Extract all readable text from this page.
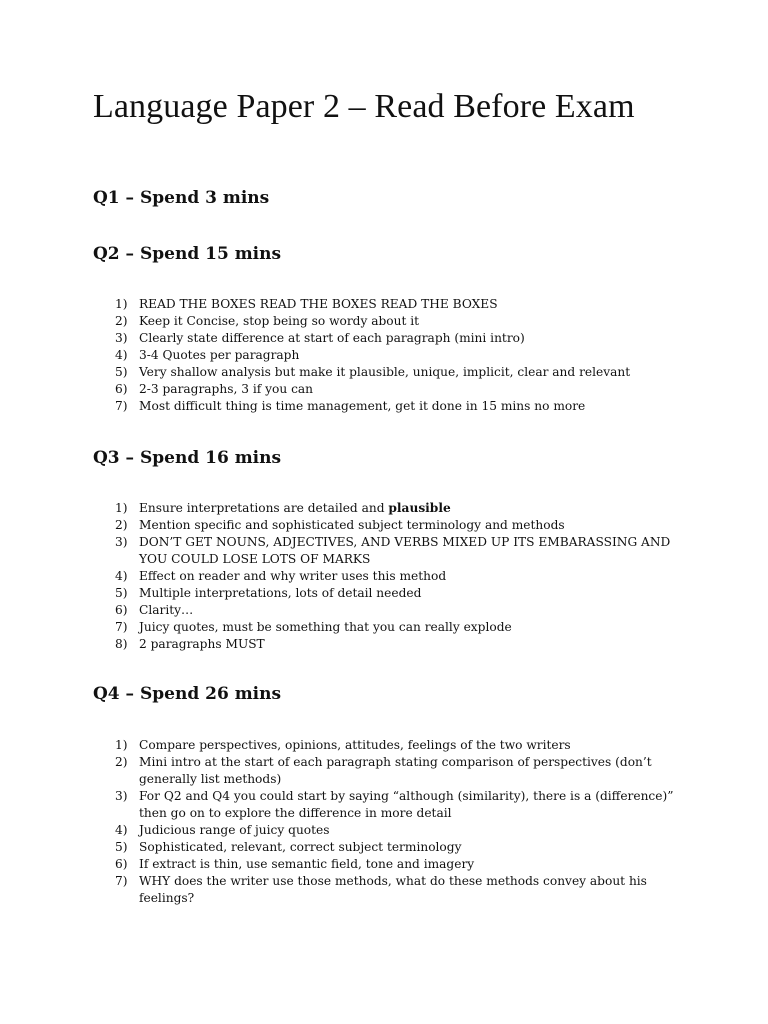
Language Paper 2 – Read Before Exam
Q1 – Spend 3 mins
Q2 – Spend 15 mins
1) READ THE BOXES READ THE BOXES READ THE BOXES
2) Keep it Concise, stop being so wordy about it
3) Clearly state difference at start of each paragraph (mini intro)
4) 3-4 Quotes per paragraph
5) Very shallow analysis but make it plausible, unique, implicit, clear and relevant
6) 2-3 paragraphs, 3 if you can
7) Most difficult thing is time management, get it done in 15 mins no more
Q3 – Spend 16 mins
1) Ensure interpretations are detailed and plausible
2) Mention specific and sophisticated subject terminology and methods
3) DON’T GET NOUNS, ADJECTIVES, AND VERBS MIXED UP ITS EMBARASSING AND YOU COULD LOSE LOTS OF MARKS
4) Effect on reader and why writer uses this method
5) Multiple interpretations, lots of detail needed
6) Clarity…
7) Juicy quotes, must be something that you can really explode
8) 2 paragraphs MUST
Q4 – Spend 26 mins
1) Compare perspectives, opinions, attitudes, feelings of the two writers
2) Mini intro at the start of each paragraph stating comparison of perspectives (don’t generally list methods)
3) For Q2 and Q4 you could start by saying “although (similarity), there is a (difference)” then go on to explore the difference in more detail
4) Judicious range of juicy quotes
5) Sophisticated, relevant, correct subject terminology
6) If extract is thin, use semantic field, tone and imagery
7) WHY does the writer use those methods, what do these methods convey about his feelings?
